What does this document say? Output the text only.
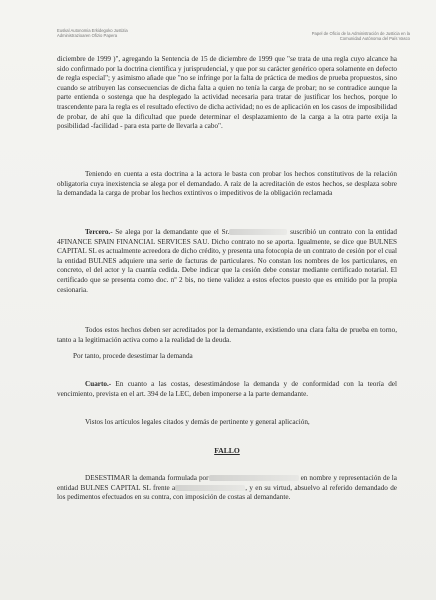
Euskal Autonomia Erkidegoko Justizia
Administrazioaren Ofizio Papera	Papel de Oficio de la Administración de Justicia en la
Comunidad Autónoma del País Vasco
diciembre de 1999 )", agregando la Sentencia de 15 de diciembre de 1999 que "se trata de una regla cuyo alcance ha sido confirmado por la doctrina científica y jurisprudencial, y que por su carácter genérico opera solamente en defecto de regla especial"; y asimismo añade que "no se infringe por la falta de práctica de medios de prueba propuestos, sino cuando se atribuyen las consecuencias de dicha falta a quien no tenía la carga de probar; no se contradice aunque la parte entienda o sostenga que ha desplegado la actividad necesaria para tratar de justificar los hechos, porque lo trascendente para la regla es el resultado efectivo de dicha actividad; no es de aplicación en los casos de imposibilidad de probar, de ahí que la dificultad que puede determinar el desplazamiento de la carga a la otra parte exija la posibilidad -facilidad - para esta parte de llevarla a cabo".
Teniendo en cuenta a esta doctrina a la actora le basta con probar los hechos constitutivos de la relación obligatoria cuya inexistencia se alega por el demandado. A raíz de la acreditación de estos hechos, se desplaza sobre la demandada la carga de probar los hechos extintivos o impeditivos de la obligación reclamada
Tercero.- Se alega por la demandante que el Sr.	suscribió un contrato con la entidad 4FINANCE SPAIN FINANCIAL SERVICES SAU. Dicho contrato no se aporta. Igualmente, se dice que BULNES CAPITAL SL es actualmente acreedora de dicho crédito, y presenta una fotocopia de un contrato de cesión por el cual la entidad BULNES adquiere una serie de facturas de particulares. No constan los nombres de los particulares, en concreto, el del actor y la cuantía cedida. Debe indicar que la cesión debe constar mediante certificado notarial. El certificado que se presenta como doc. nº 2 bis, no tiene validez a estos efectos puesto que es emitido por la propia cesionaria.
Todos estos hechos deben ser acreditados por la demandante, existiendo una clara falta de prueba en torno, tanto a la legitimación activa como a la realidad de la deuda.
Por tanto, procede desestimar la demanda
Cuarto.- En cuanto a las costas, desestimándose la demanda y de conformidad con la teoría del vencimiento, prevista en el art. 394 de la LEC, deben imponerse a la parte demandante.
Vistos los artículos legales citados y demás de pertinente y general aplicación,
FALLO
DESESTIMAR la demanda formulada por	en nombre y representación de la entidad BULNES CAPITAL SL frente a	, y en su virtud, absuelvo al referido demandado de los pedimentos efectuados en su contra, con imposición de costas al demandante.
